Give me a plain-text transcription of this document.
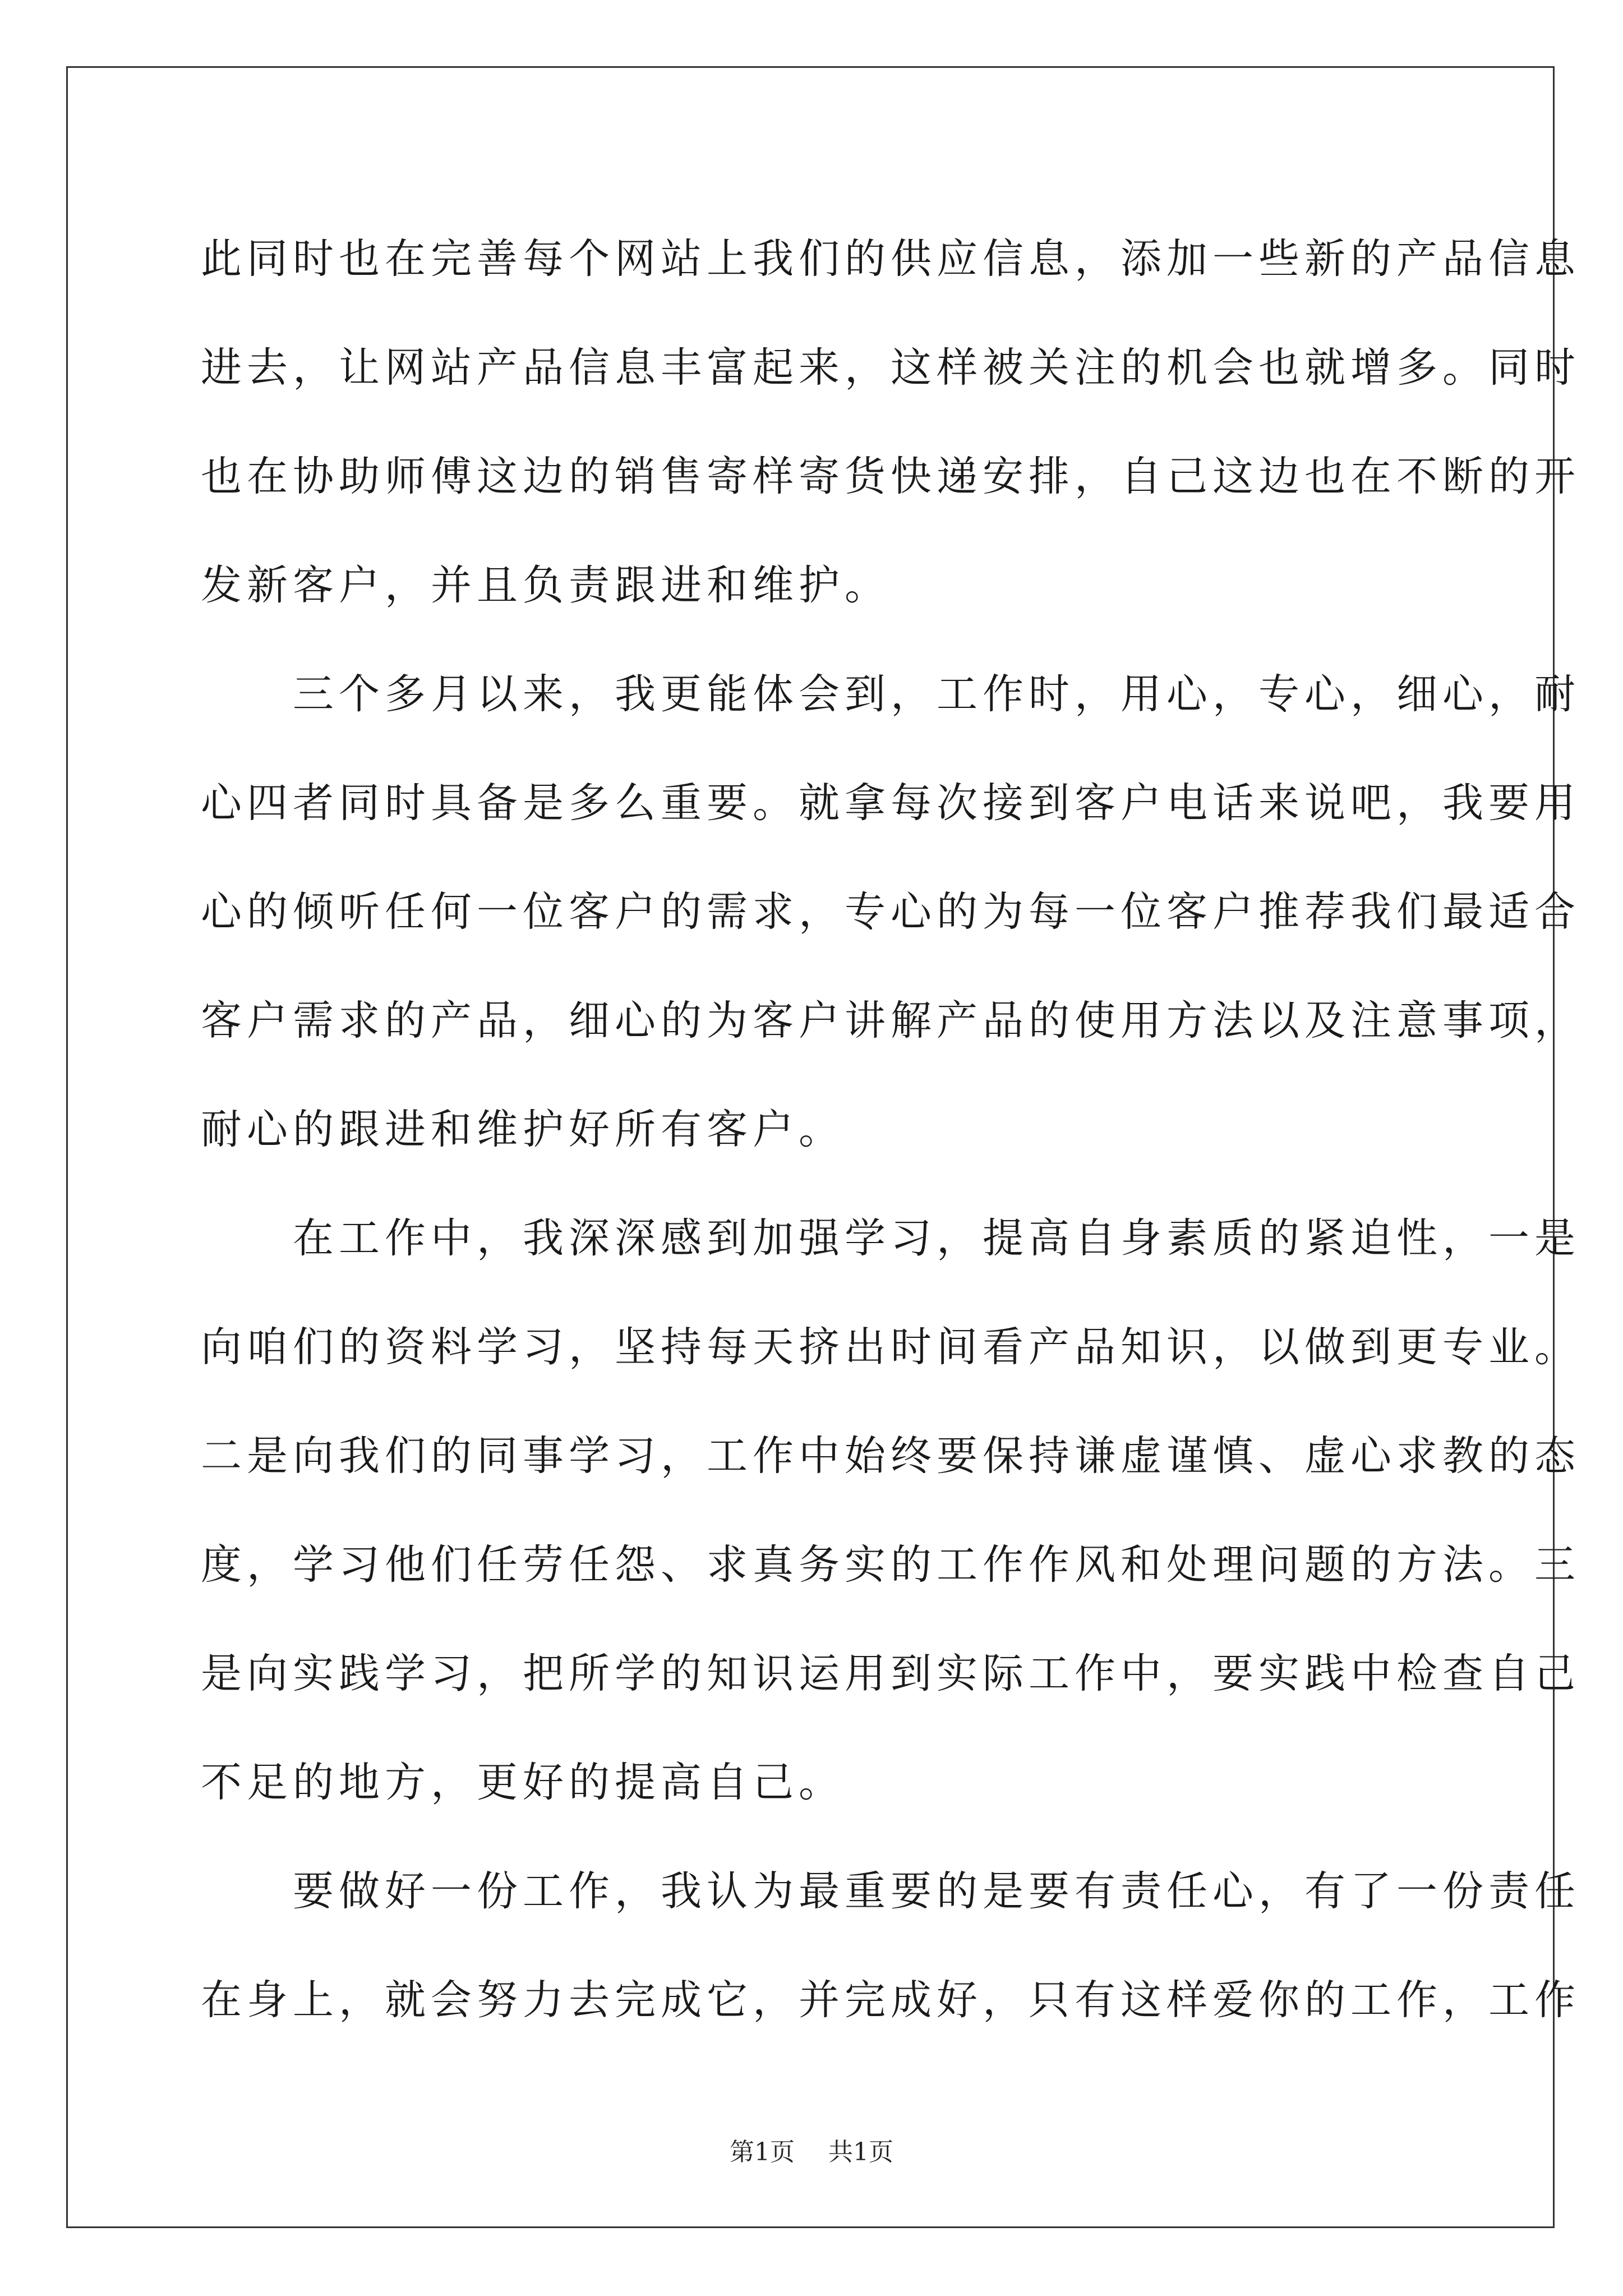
此同时也在完善每个网站上我们的供应信息，添加一些新的产品信息

进去，让网站产品信息丰富起来，这样被关注的机会也就增多。同时

也在协助师傅这边的销售寄样寄货快递安排，自己这边也在不断的开

发新客户，并且负责跟进和维护。

　　三个多月以来，我更能体会到，工作时，用心，专心，细心，耐

心四者同时具备是多么重要。就拿每次接到客户电话来说吧，我要用

心的倾听任何一位客户的需求，专心的为每一位客户推荐我们最适合

客户需求的产品，细心的为客户讲解产品的使用方法以及注意事项，

耐心的跟进和维护好所有客户。

　　在工作中，我深深感到加强学习，提高自身素质的紧迫性，一是

向咱们的资料学习，坚持每天挤出时间看产品知识，以做到更专业。

二是向我们的同事学习，工作中始终要保持谦虚谨慎、虚心求教的态

度，学习他们任劳任怨、求真务实的工作作风和处理问题的方法。三

是向实践学习，把所学的知识运用到实际工作中，要实践中检查自己

不足的地方，更好的提高自己。

　　要做好一份工作，我认为最重要的是要有责任心，有了一份责任

在身上，就会努力去完成它，并完成好，只有这样爱你的工作，工作

第1页 共1页
